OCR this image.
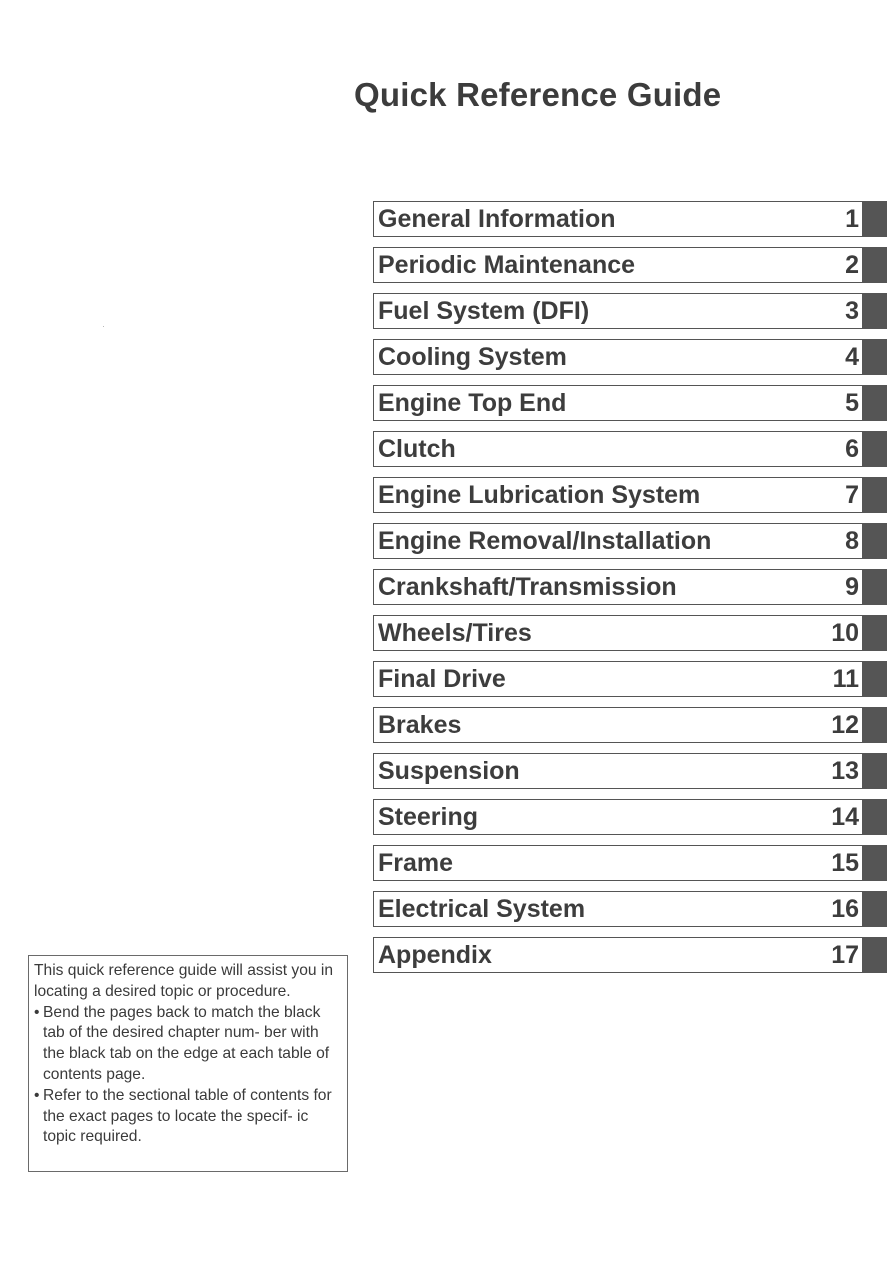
Quick Reference Guide
General Information	1
Periodic Maintenance	2
Fuel System (DFI)	3
Cooling System	4
Engine Top End	5
Clutch	6
Engine Lubrication System	7
Engine Removal/Installation	8
Crankshaft/Transmission	9
Wheels/Tires	10
Final Drive	11
Brakes	12
Suspension	13
Steering	14
Frame	15
Electrical System	16
Appendix	17

This quick reference guide will assist you in locating a desired topic or procedure.

• Bend the pages back to match the black tab of the desired chapter num- ber with the black tab on the edge at each table of contents page.
• Refer to the sectional table of contents for the exact pages to locate the specif- ic topic required.
